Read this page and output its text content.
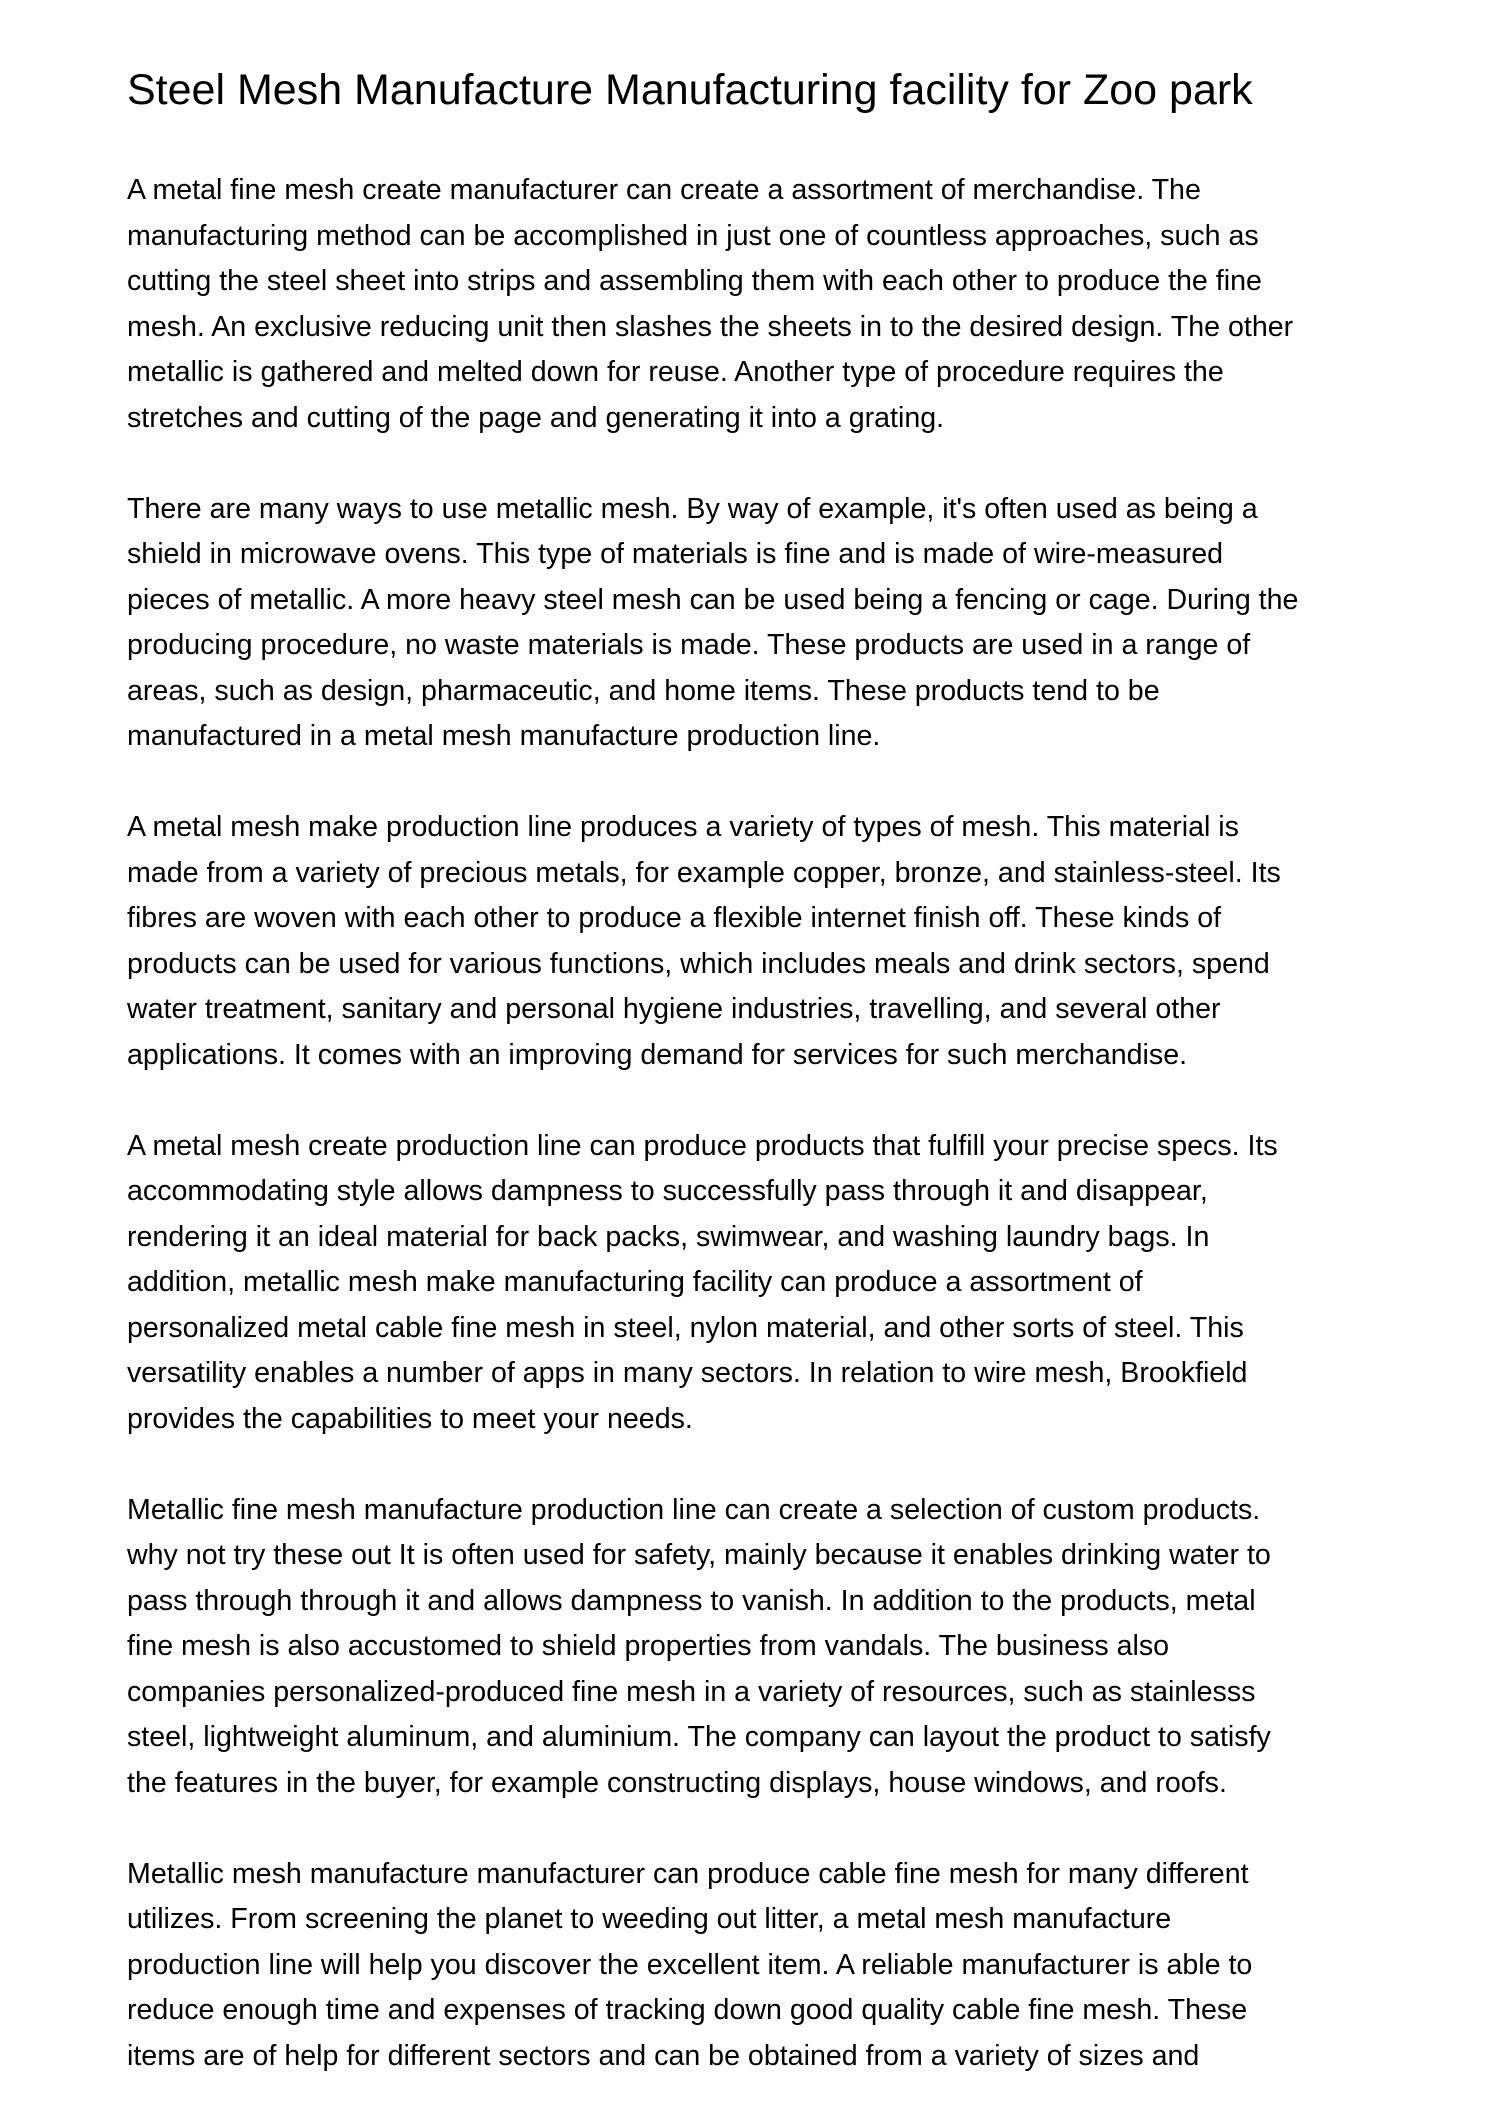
Steel Mesh Manufacture Manufacturing facility for Zoo park

A metal fine mesh create manufacturer can create a assortment of merchandise. The
manufacturing method can be accomplished in just one of countless approaches, such as
cutting the steel sheet into strips and assembling them with each other to produce the fine
mesh. An exclusive reducing unit then slashes the sheets in to the desired design. The other
metallic is gathered and melted down for reuse. Another type of procedure requires the
stretches and cutting of the page and generating it into a grating.

There are many ways to use metallic mesh. By way of example, it's often used as being a
shield in microwave ovens. This type of materials is fine and is made of wire-measured
pieces of metallic. A more heavy steel mesh can be used being a fencing or cage. During the
producing procedure, no waste materials is made. These products are used in a range of
areas, such as design, pharmaceutic, and home items. These products tend to be
manufactured in a metal mesh manufacture production line.

A metal mesh make production line produces a variety of types of mesh. This material is
made from a variety of precious metals, for example copper, bronze, and stainless-steel. Its
fibres are woven with each other to produce a flexible internet finish off. These kinds of
products can be used for various functions, which includes meals and drink sectors, spend
water treatment, sanitary and personal hygiene industries, travelling, and several other
applications. It comes with an improving demand for services for such merchandise.

A metal mesh create production line can produce products that fulfill your precise specs. Its
accommodating style allows dampness to successfully pass through it and disappear,
rendering it an ideal material for back packs, swimwear, and washing laundry bags. In
addition, metallic mesh make manufacturing facility can produce a assortment of
personalized metal cable fine mesh in steel, nylon material, and other sorts of steel. This
versatility enables a number of apps in many sectors. In relation to wire mesh, Brookfield
provides the capabilities to meet your needs.

Metallic fine mesh manufacture production line can create a selection of custom products.
why not try these out It is often used for safety, mainly because it enables drinking water to
pass through through it and allows dampness to vanish. In addition to the products, metal
fine mesh is also accustomed to shield properties from vandals. The business also
companies personalized-produced fine mesh in a variety of resources, such as stainlesss
steel, lightweight aluminum, and aluminium. The company can layout the product to satisfy
the features in the buyer, for example constructing displays, house windows, and roofs.

Metallic mesh manufacture manufacturer can produce cable fine mesh for many different
utilizes. From screening the planet to weeding out litter, a metal mesh manufacture
production line will help you discover the excellent item. A reliable manufacturer is able to
reduce enough time and expenses of tracking down good quality cable fine mesh. These
items are of help for different sectors and can be obtained from a variety of sizes and
